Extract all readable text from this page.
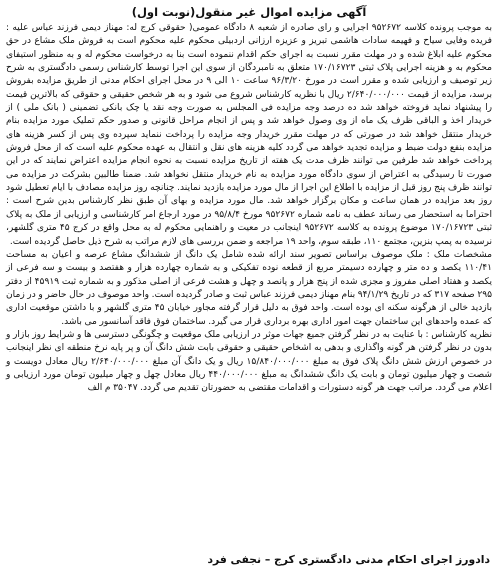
آگهی مزایده اموال غیر منقول(نوبت اول)

به موجب پرونده کلاسه ۹۵۲۶۷۲ اجرایی و رای صادره از شعبه ۸ دادگاه عمومی( حقوقی کرج له: مهناز دیمی فرزند عباس علیه : فریده وفایی سیاح و فهیمه سادات هاشمی تبریز و عزیزه ارزانی اردبیلی محکوم علیه محکوم است به فروش ملک مشاع در حق محکوم علیه ابلاغ شده و در مهلت مقرر نسبت به اجرای حکم اقدام ننموده است بنا به درخواست محکوم له و به منظور استیفای محکوم به و هزینه اجرایی پلاک ثبتی ۱۷۰/۱۶۷۲۳ متعلق به نامبردگان از سوی این اجرا توسط کارشناس رسمی دادگستری به شرح زیر توصیف و ارزیابی شده و مقرر است در مورخ ۹۶/۳/۲۰ ساعت ۱۰ الی ۹ در محل اجرای احکام مدنی از طریق مزایده بفروش برسد، مزایده از قیمت ۲/۶۴۰/۰۰۰/۰۰۰ ریال با نظریه کارشناس شروع می شود و به هر شخص حقیقی و حقوقی که بالاترین قیمت را پیشنهاد نماید فروخته خواهد شد ده درصد وجه مزایده فی المجلس به صورت وجه نقد یا چک بانکی تضمینی ( بانک ملی ) از خریدار اخذ و الباقی ظرف یک ماه از وی وصول خواهد شد و پس از انجام مراحل قانونی و صدور حکم تملیک مورد مزایده بنام خریدار منتقل خواهد شد در صورتی که در مهلت مقرر خریدار وجه مزایده را پرداخت ننماید سپرده وی پس از کسر هزینه های مزایده بنفع دولت ضبط و مزایده تجدید خواهد می گردد کلیه هزینه های نقل و انتقال به عهده محکوم علیه است که از محل فروش پرداخت خواهد شد طرفین می توانند ظرف مدت یک هفته از تاریخ مزایده نسبت به نحوه انجام مزایده اعتراض نمایند که در این صورت تا رسیدگی به اعتراض از سوی دادگاه مورد مزایده به نام خریدار منتقل نخواهد شد. ضمنا طالبین بشرکت در مزایده می توانند ظرف پنج روز قبل از مزایده با اطلاع این اجرا از مال مورد مزایده بازدید نمایند. چنانچه روز مزایده مصادف با ایام تعطیل شود روز بعد مزایده در همان ساعت و مکان برگزار خواهد شد. مال مورد مزایده و بهای آن طبق نظر کارشناس بدین شرح است : احتراما به استحضار می رساند عطف به نامه شماره ۹۵۲۶۷۲ مورخ ۹۵/۸/۴ در مورد ارجاع امر کارشناسی و ارزیابی از ملک به پلاک ثبتی ۱۷۰/۱۶۷۲۳ موضوع پرونده به کلاسه ۹۵۲۶۷۲ اینجانب در معیت و راهنمایی محکوم له به محل واقع در کرج ۴۵ متری گلشهر، نرسیده به پمپ بنزین، مجتمع ۱۱۰، طبقه سوم، واحد ۱۹ مراجعه و ضمن بررسی های لازم مراتب به شرح ذیل حاصل گردیده است.

مشخصات ملک : ملک موصوف براساس تصویر سند ارائه شده شامل یک دانگ از ششدانگ مشاع عرصه و اعیان به مساحت ۱۱۰/۴۱ یکصد و ده متر و چهارده دسیمتر مربع از قطعه نوده تفکیکی و به شماره چهارده هزار و هفتصد و بیست و سه فرعی از یکصد و هفتاد اصلی مفروز و مجزی شده از پنج هزار و پانصد و چهل و هشت فرعی از اصلی مذکور و به شماره ثبت ۴۵۹۱۹ از دفتر ۲۹۵ صفحه ۳۱۷ که در تاریخ ۹۴/۱/۲۹ بنام مهناز دیمی فرزند عباس ثبت و صادر گردیده است. واحد موصوف در حال حاضر و در زمان بازدید خالی از هرگونه سکنه ای بوده است. واحد فوق به دلیل قرار گرفته مجاور خیابان ۴۵ متری گلشهر و با داشتن موقعیت اداری که عمده واحدهای این ساختمان جهت امور اداری بهره برداری قرار می گیرد. ساختمان فوق فاقد آسانسور می باشد.

نظریه کارشناس : با عنایت به در نظر گرفتن جمیع جهات موثر در ارزیابی ملک موقعیت و چگونگی دسترسی ها و شرایط روز بازار و بدون در نظر گرفتن هر گونه واگذاری و بدهی به اشخاص حقیقی و حقوقی بابت شش دانگ آن و پر پایه نرخ منطقه ای نظر اینجانب در خصوص ارزش شش دانگ پلاک فوق به مبلغ ۱۵/۸۴۰/۰۰۰/۰۰۰ ریال و یک دانگ آن مبلغ ۲/۶۴۰/۰۰۰/۰۰۰ ریال معادل دویست و شصت و چهار میلیون تومان و بابت یک دانگ ششدانگ به مبلغ ۴۴۰/۰۰۰/۰۰۰ ریال معادل چهل و چهار میلیون تومان مورد ارزیابی و اعلام می گردد. مراتب جهت هر گونه دستورات و اقدامات مقتضی به حضورتان تقدیم می گردد. ۳۵۰۴۷ م الف

دادورز اجرای احکام مدنی دادگستری کرج – نجفی فرد
